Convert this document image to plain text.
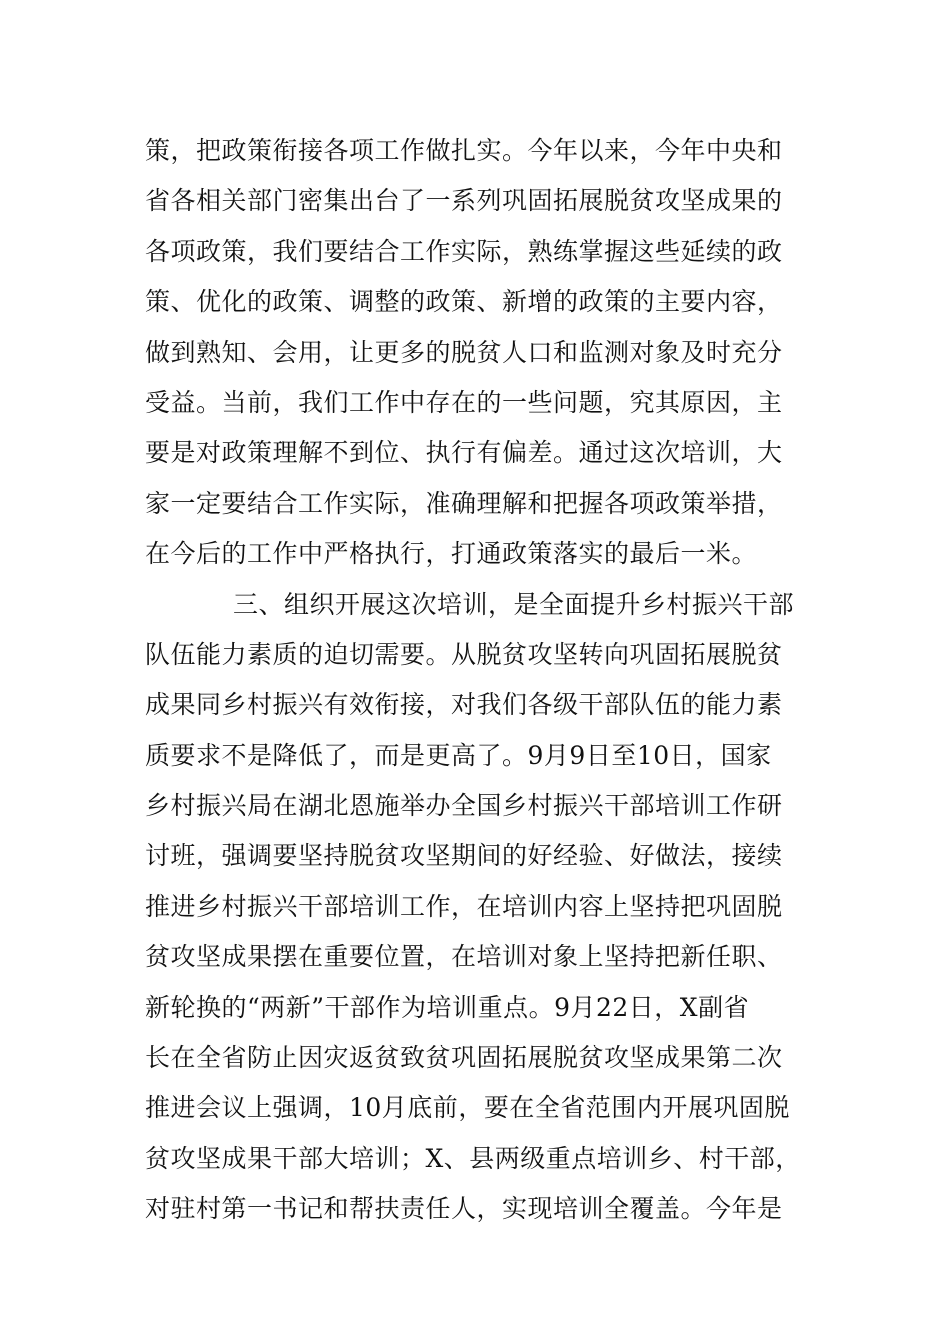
策，把政策衔接各项工作做扎实。今年以来，今年中央和
省各相关部门密集出台了一系列巩固拓展脱贫攻坚成果的
各项政策，我们要结合工作实际，熟练掌握这些延续的政
策、优化的政策、调整的政策、新增的政策的主要内容，
做到熟知、会用，让更多的脱贫人口和监测对象及时充分
受益。当前，我们工作中存在的一些问题，究其原因，主
要是对政策理解不到位、执行有偏差。通过这次培训，大
家一定要结合工作实际，准确理解和把握各项政策举措，
在今后的工作中严格执行，打通政策落实的最后一米。
三、组织开展这次培训，是全面提升乡村振兴干部
队伍能力素质的迫切需要。从脱贫攻坚转向巩固拓展脱贫
成果同乡村振兴有效衔接，对我们各级干部队伍的能力素
质要求不是降低了，而是更高了。9月9日至10日，国家
乡村振兴局在湖北恩施举办全国乡村振兴干部培训工作研
讨班，强调要坚持脱贫攻坚期间的好经验、好做法，接续
推进乡村振兴干部培训工作，在培训内容上坚持把巩固脱
贫攻坚成果摆在重要位置，在培训对象上坚持把新任职、
新轮换的“两新”干部作为培训重点。9月22日，X副省
长在全省防止因灾返贫致贫巩固拓展脱贫攻坚成果第二次
推进会议上强调，10月底前，要在全省范围内开展巩固脱
贫攻坚成果干部大培训；X、县两级重点培训乡、村干部，
对驻村第一书记和帮扶责任人，实现培训全覆盖。今年是
